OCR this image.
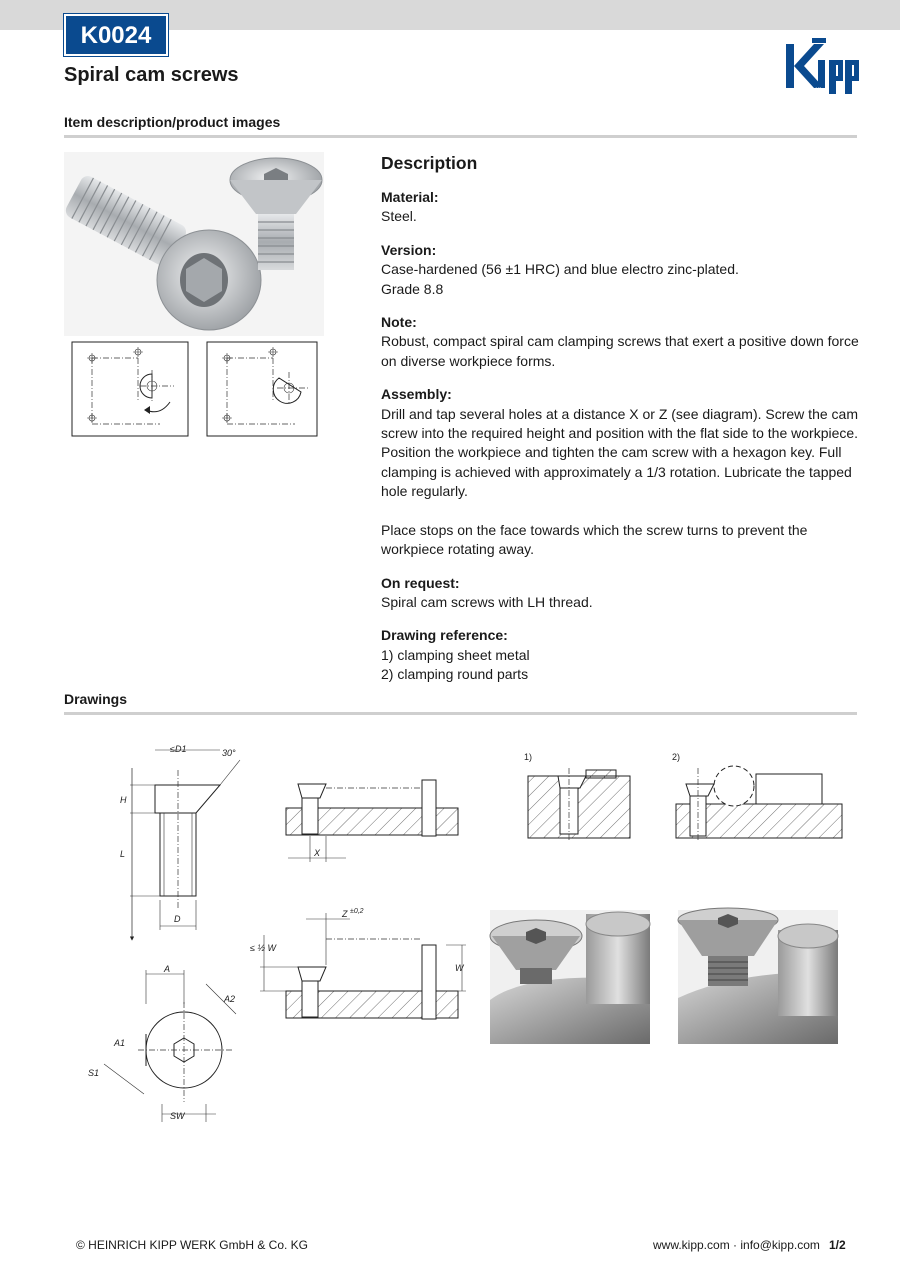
K0024
Spiral cam screws
Kipp
Item description/product images
Description

Material:
Steel.

Version:
Case-hardened (56 ±1 HRC) and blue electro zinc-plated.
Grade 8.8

Note:
Robust, compact spiral cam clamping screws that exert a positive down force on diverse workpiece forms.

Assembly:
Drill and tap several holes at a distance X or Z (see diagram). Screw the cam screw into the required height and position with the flat side to the workpiece. Position the workpiece and tighten the cam screw with a hexagon key. Full clamping is achieved with approximately a 1/3 rotation. Lubricate the tapped hole regularly.

Place stops on the face towards which the screw turns to prevent the workpiece rotating away.

On request:
Spiral cam screws with LH thread.

Drawing reference:
1) clamping sheet metal
2) clamping round parts

Drawings
≤D1	30°
H
L
D
A
A2
A1
S1
SW
X
Z ±0,2
≤ ½ W
W
1)	2)
© HEINRICH KIPP WERK GmbH & Co. KG	www.kipp.com · info@kipp.com 1/2
